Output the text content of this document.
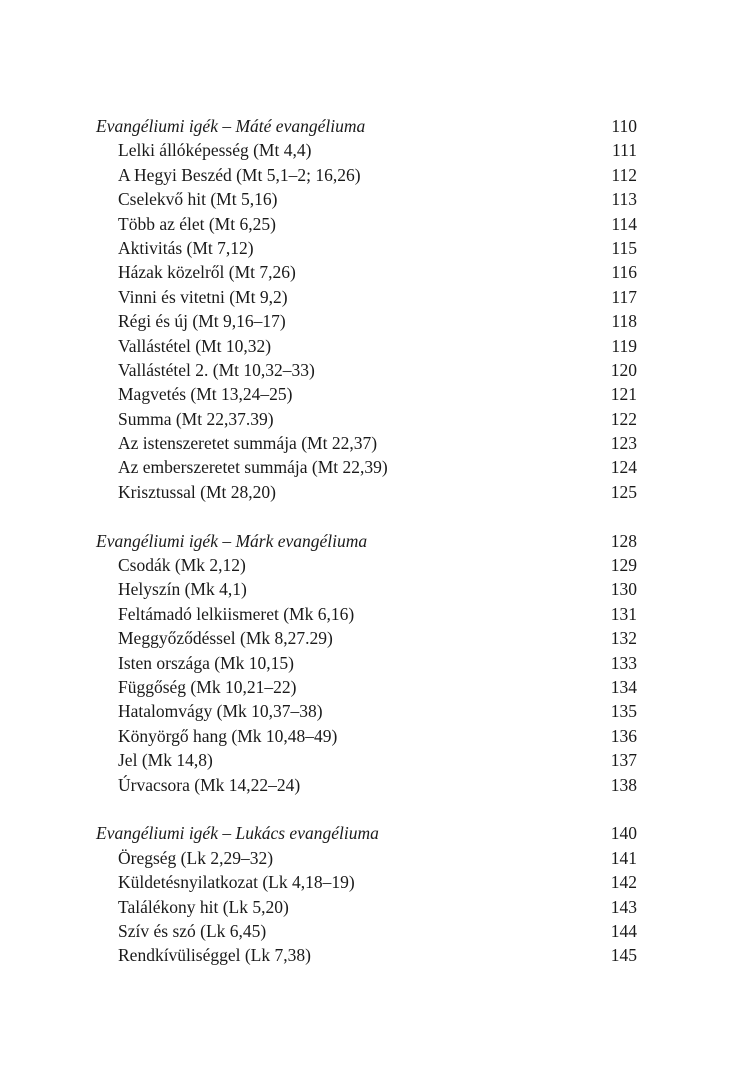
Evangéliumi igék – Máté evangéliuma	110
Lelki állóképesség (Mt 4,4)	111
A Hegyi Beszéd (Mt 5,1–2; 16,26)	112
Cselekvő hit (Mt 5,16)	113
Több az élet (Mt 6,25)	114
Aktivitás (Mt 7,12)	115
Házak közelről (Mt 7,26)	116
Vinni és vitetni (Mt 9,2)	117
Régi és új (Mt 9,16–17)	118
Vallástétel (Mt 10,32)	119
Vallástétel 2. (Mt 10,32–33)	120
Magvetés (Mt 13,24–25)	121
Summa (Mt 22,37.39)	122
Az istenszeretet summája (Mt 22,37)	123
Az emberszeretet summája (Mt 22,39)	124
Krisztussal (Mt 28,20)	125
Evangéliumi igék – Márk evangéliuma	128
Csodák (Mk 2,12)	129
Helyszín (Mk 4,1)	130
Feltámadó lelkiismeret (Mk 6,16)	131
Meggyőződéssel (Mk 8,27.29)	132
Isten országa (Mk 10,15)	133
Függőség (Mk 10,21–22)	134
Hatalomvágy (Mk 10,37–38)	135
Könyörgő hang (Mk 10,48–49)	136
Jel (Mk 14,8)	137
Úrvacsora (Mk 14,22–24)	138
Evangéliumi igék – Lukács evangéliuma	140
Öregség (Lk 2,29–32)	141
Küldetésnyilatkozat (Lk 4,18–19)	142
Találékony hit (Lk 5,20)	143
Szív és szó (Lk 6,45)	144
Rendkívüliséggel (Lk 7,38)	145
